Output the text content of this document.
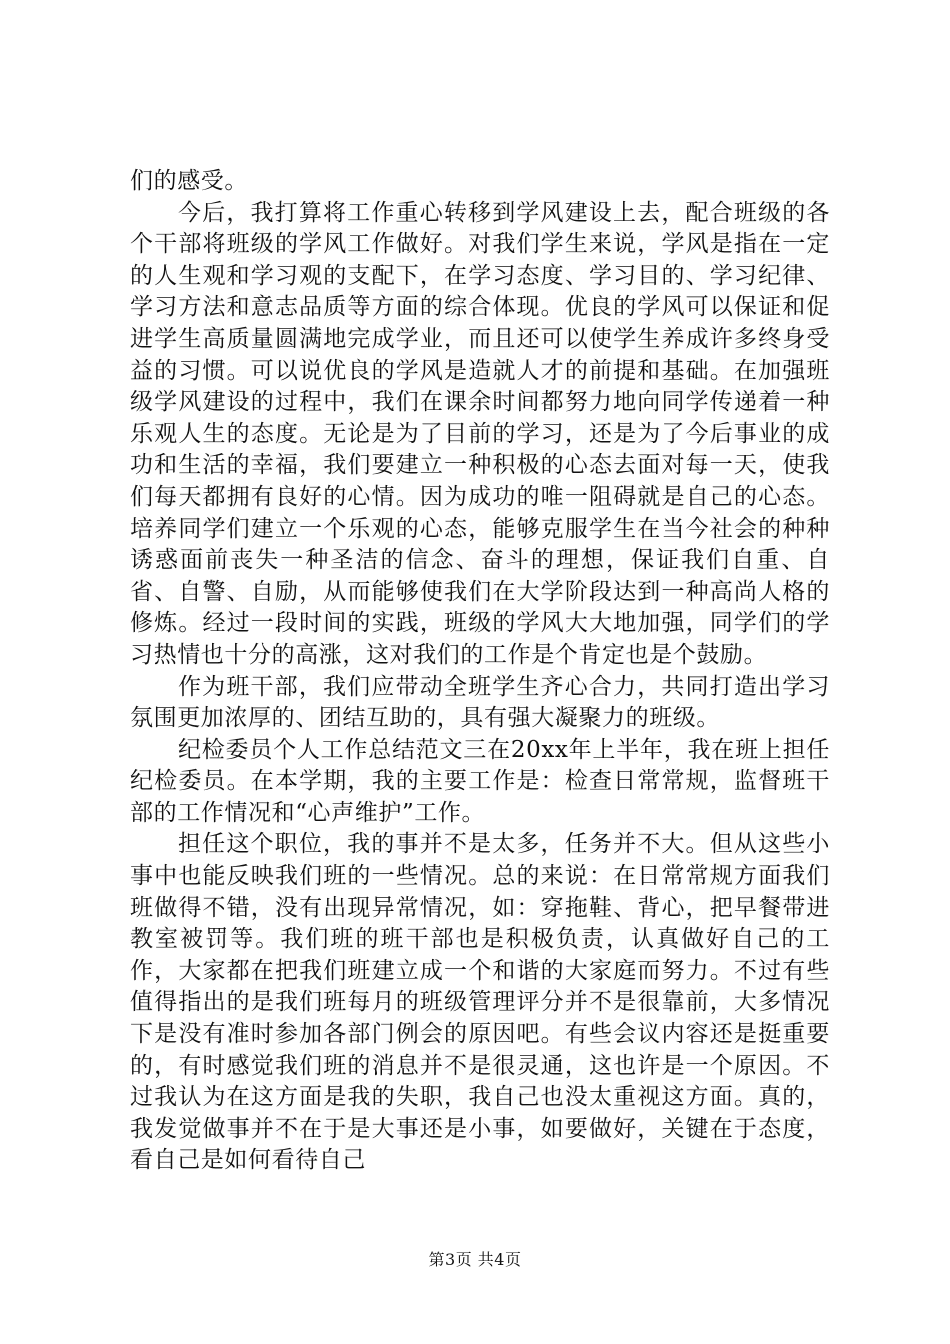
们的感受。

今后，我打算将工作重心转移到学风建设上去，配合班级的各个干部将班级的学风工作做好。对我们学生来说，学风是指在一定的人生观和学习观的支配下，在学习态度、学习目的、学习纪律、学习方法和意志品质等方面的综合体现。优良的学风可以保证和促进学生高质量圆满地完成学业，而且还可以使学生养成许多终身受益的习惯。可以说优良的学风是造就人才的前提和基础。在加强班级学风建设的过程中，我们在课余时间都努力地向同学传递着一种乐观人生的态度。无论是为了目前的学习，还是为了今后事业的成功和生活的幸福，我们要建立一种积极的心态去面对每一天，使我们每天都拥有良好的心情。因为成功的唯一阻碍就是自己的心态。培养同学们建立一个乐观的心态，能够克服学生在当今社会的种种诱惑面前丧失一种圣洁的信念、奋斗的理想，保证我们自重、自省、自警、自励，从而能够使我们在大学阶段达到一种高尚人格的修炼。经过一段时间的实践，班级的学风大大地加强，同学们的学习热情也十分的高涨，这对我们的工作是个肯定也是个鼓励。

作为班干部，我们应带动全班学生齐心合力，共同打造出学习氛围更加浓厚的、团结互助的，具有强大凝聚力的班级。

纪检委员个人工作总结范文三在20xx年上半年，我在班上担任纪检委员。在本学期，我的主要工作是：检查日常常规，监督班干部的工作情况和“心声维护”工作。

担任这个职位，我的事并不是太多，任务并不大。但从这些小事中也能反映我们班的一些情况。总的来说：在日常常规方面我们班做得不错，没有出现异常情况，如：穿拖鞋、背心，把早餐带进教室被罚等。我们班的班干部也是积极负责，认真做好自己的工作，大家都在把我们班建立成一个和谐的大家庭而努力。不过有些值得指出的是我们班每月的班级管理评分并不是很靠前，大多情况下是没有准时参加各部门例会的原因吧。有些会议内容还是挺重要的，有时感觉我们班的消息并不是很灵通，这也许是一个原因。不过我认为在这方面是我的失职，我自己也没太重视这方面。真的，我发觉做事并不在于是大事还是小事，如要做好，关键在于态度，看自己是如何看待自己

第3页 共4页
